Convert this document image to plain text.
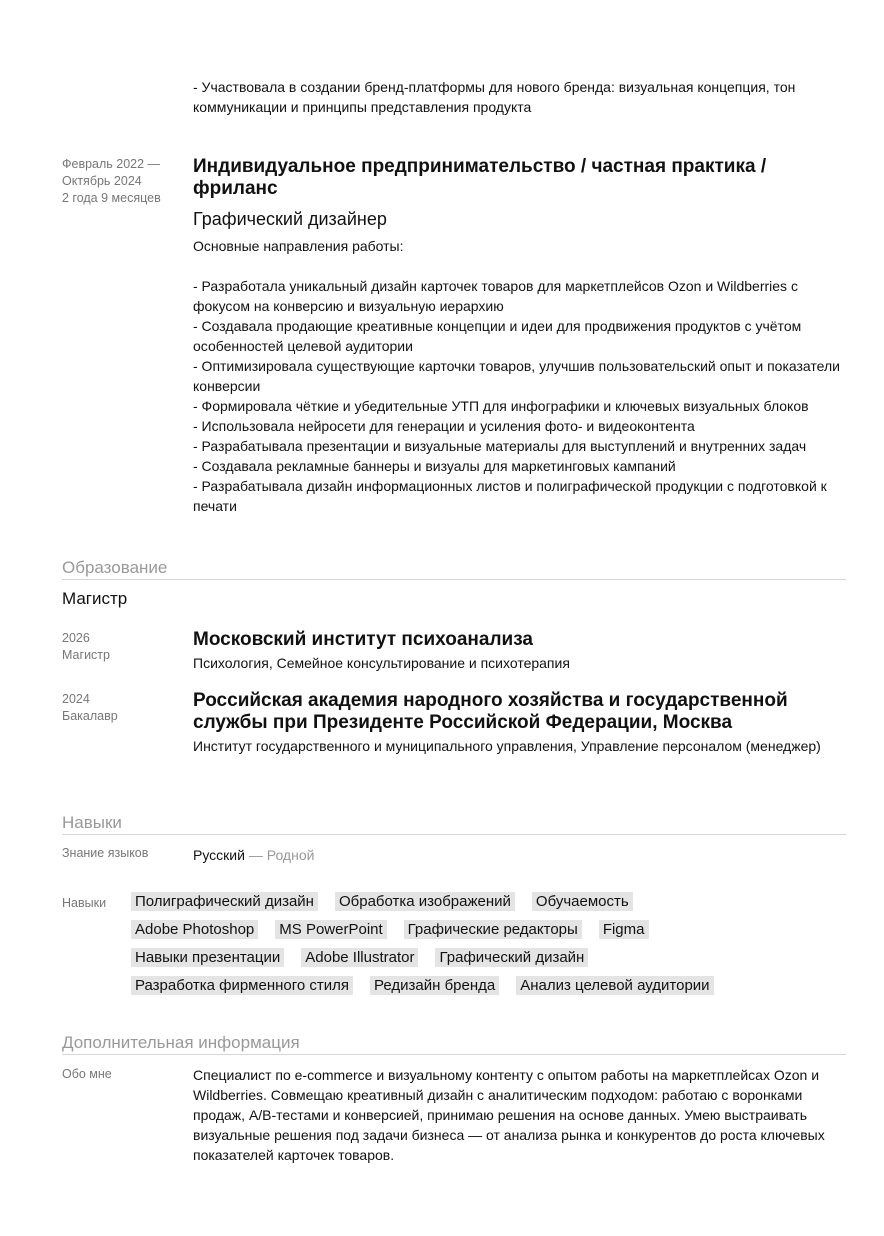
- Участвовала в создании бренд-платформы для нового бренда: визуальная концепция, тон коммуникации и принципы представления продукта
Февраль 2022 —
Октябрь 2024
2 года 9 месяцев
Индивидуальное предпринимательство / частная практика / фриланс
Графический дизайнер
Основные направления работы:
- Разработала уникальный дизайн карточек товаров для маркетплейсов Ozon и Wildberries с фокусом на конверсию и визуальную иерархию
- Создавала продающие креативные концепции и идеи для продвижения продуктов с учётом особенностей целевой аудитории
- Оптимизировала существующие карточки товаров, улучшив пользовательский опыт и показатели конверсии
- Формировала чёткие и убедительные УТП для инфографики и ключевых визуальных блоков
- Использовала нейросети для генерации и усиления фото- и видеоконтента
- Разрабатывала презентации и визуальные материалы для выступлений и внутренних задач
- Создавала рекламные баннеры и визуалы для маркетинговых кампаний
- Разрабатывала дизайн информационных листов и полиграфической продукции с подготовкой к печати
Образование
Магистр
2026
Магистр
Московский институт психоанализа
Психология, Семейное консультирование и психотерапия
2024
Бакалавр
Российская академия народного хозяйства и государственной службы при Президенте Российской Федерации, Москва
Институт государственного и муниципального управления, Управление персоналом (менеджер)
Навыки
Знание языков	Русский — Родной
Навыки	Полиграфический дизайн Обработка изображений Обучаемость
Adobe Photoshop MS PowerPoint Графические редакторы Figma
Навыки презентации Adobe Illustrator Графический дизайн
Разработка фирменного стиля Редизайн бренда Анализ целевой аудитории
Дополнительная информация
Обо мне	Специалист по e-commerce и визуальному контенту с опытом работы на маркетплейсах Ozon и Wildberries. Совмещаю креативный дизайн с аналитическим подходом: работаю с воронками продаж, A/B-тестами и конверсией, принимаю решения на основе данных. Умею выстраивать визуальные решения под задачи бизнеса — от анализа рынка и конкурентов до роста ключевых показателей карточек товаров.
